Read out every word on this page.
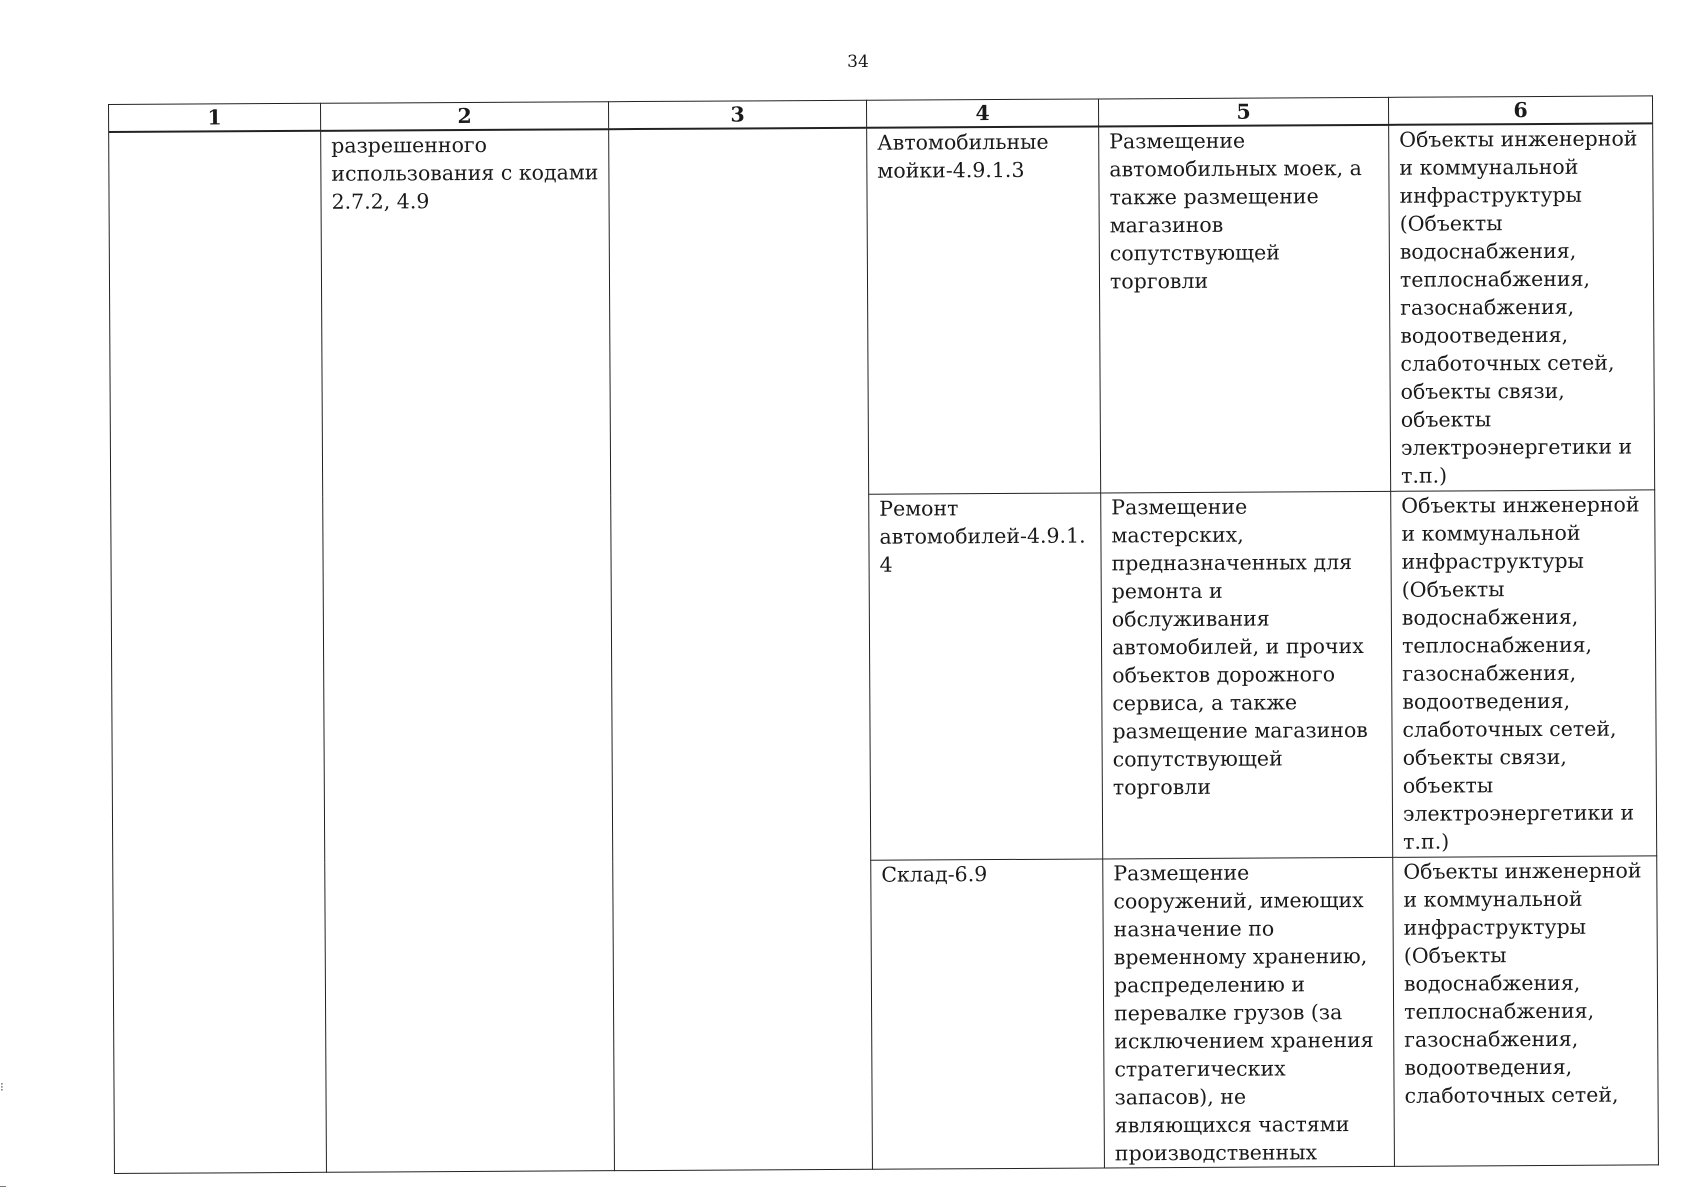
34
1	2	3	4	5	6

	разрешенного использования с кодами 2.7.2, 4.9		Автомобильные мойки-4.9.1.3	Размещение автомобильных моек, а также размещение магазинов сопутствующей торговли	Объекты инженерной и коммунальной инфраструктуры (Объекты водоснабжения, теплоснабжения, газоснабжения, водоотведения, слаботочных сетей, объекты связи, объекты электроэнергетики и т.п.)

			Ремонт автомобилей-4.9.1.4	Размещение мастерских, предназначенных для ремонта и обслуживания автомобилей, и прочих объектов дорожного сервиса, а также размещение магазинов сопутствующей торговли	Объекты инженерной и коммунальной инфраструктуры (Объекты водоснабжения, теплоснабжения, газоснабжения, водоотведения, слаботочных сетей, объекты связи, объекты электроэнергетики и т.п.)

			Склад-6.9	Размещение сооружений, имеющих назначение по временному хранению, распределению и перевалке грузов (за исключением хранения стратегических запасов), не являющихся частями производственных	Объекты инженерной и коммунальной инфраструктуры (Объекты водоснабжения, теплоснабжения, газоснабжения, водоотведения, слаботочных сетей,
⁝
